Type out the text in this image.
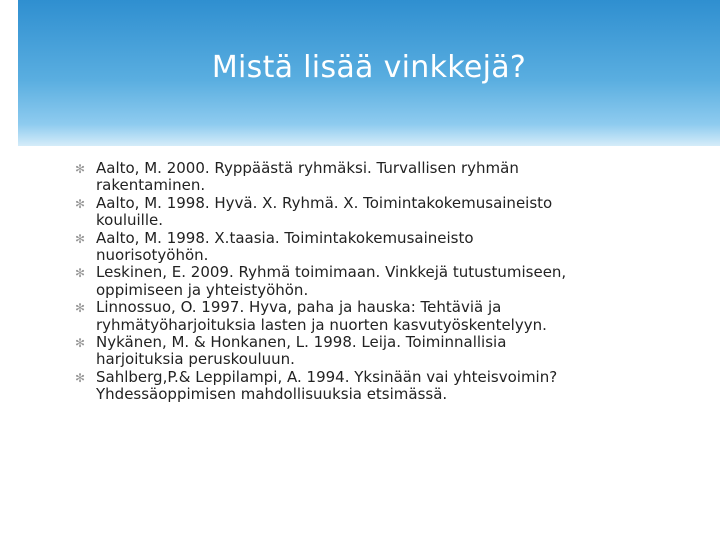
Mistä lisää vinkkejä?
✻ Aalto, M. 2000. Ryppäästä ryhmäksi. Turvallisen ryhmän
rakentaminen.
✻ Aalto, M. 1998. Hyvä. X. Ryhmä. X. Toimintakokemusaineisto
kouluille.
✻ Aalto, M. 1998. X.taasia. Toimintakokemusaineisto
nuorisotyöhön.
✻ Leskinen, E. 2009. Ryhmä toimimaan. Vinkkejä tutustumiseen,
oppimiseen ja yhteistyöhön.
✻ Linnossuo, O. 1997. Hyva, paha ja hauska: Tehtäviä ja
ryhmätyöharjoituksia lasten ja nuorten kasvutyöskentelyyn.
✻ Nykänen, M. & Honkanen, L. 1998. Leija. Toiminnallisia
harjoituksia peruskouluun.
✻ Sahlberg,P.& Leppilampi, A. 1994. Yksinään vai yhteisvoimin?
Yhdessäoppimisen mahdollisuuksia etsimässä.
